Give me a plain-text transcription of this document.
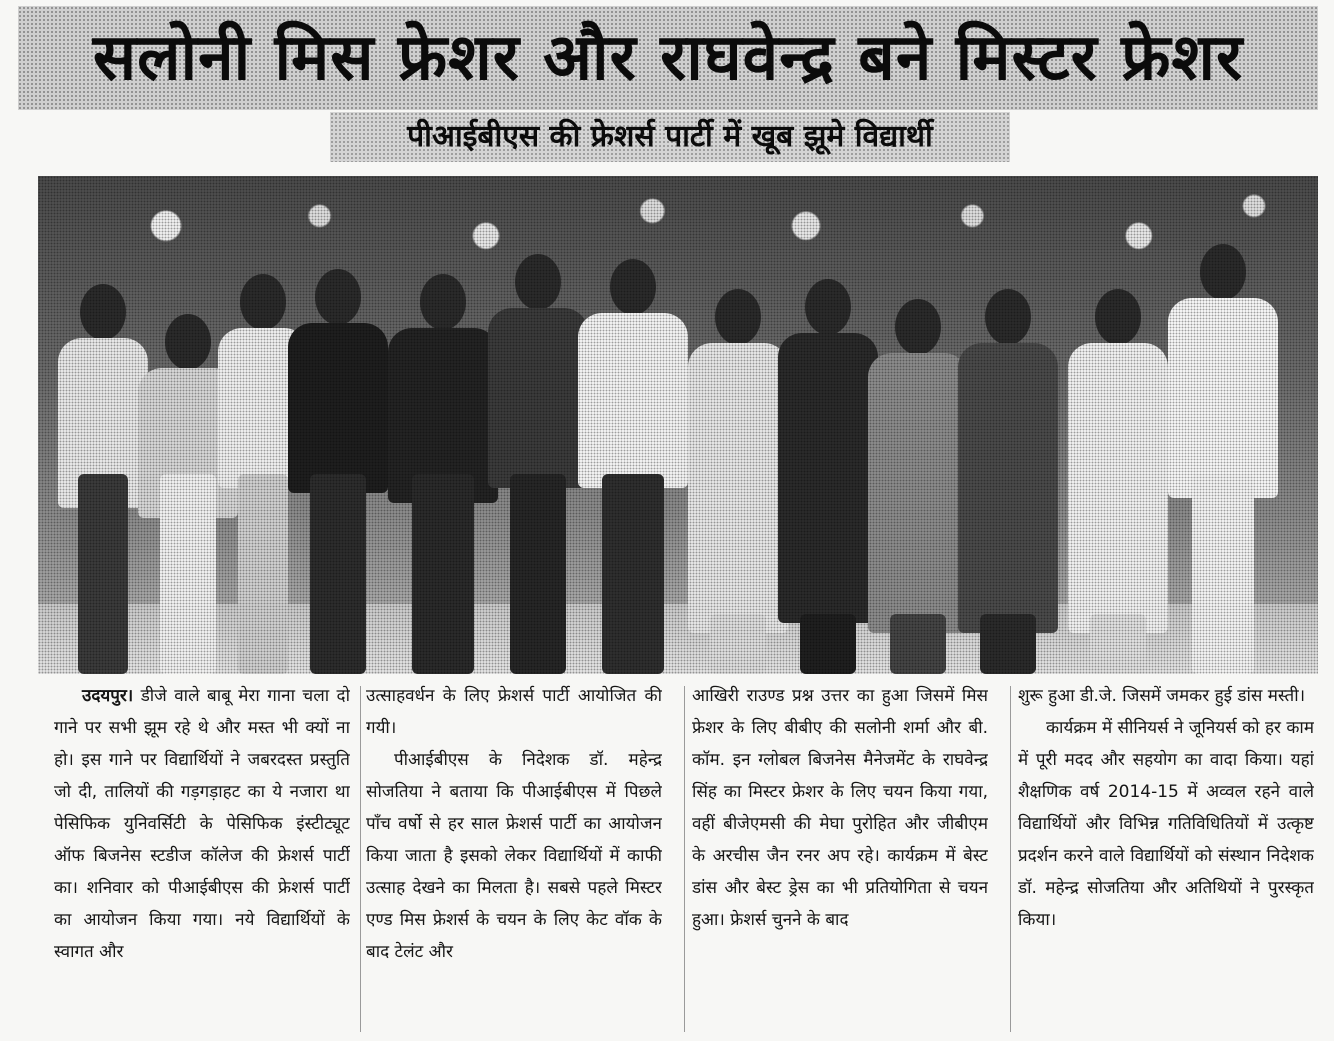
सलोनी मिस फ्रेशर और राघवेन्द्र बने मिस्टर फ्रेशर
पीआईबीएस की फ्रेशर्स पार्टी में खूब झूमे विद्यार्थी

उदयपुर। डीजे वाले बाबू मेरा गाना चला दो गाने पर सभी झूम रहे थे और मस्त भी क्यों ना हो। इस गाने पर विद्यार्थियों ने जबरदस्त प्रस्तुति जो दी, तालियों की गड़गड़ाहट का ये नजारा था पेसिफिक युनिवर्सिटी के पेसिफिक इंस्टीट्यूट ऑफ बिजनेस स्टडीज कॉलेज की फ्रेशर्स पार्टी का। शनिवार को पीआईबीएस की फ्रेशर्स पार्टी का आयोजन किया गया। नये विद्यार्थियों के स्वागत और

उत्साहवर्धन के लिए फ्रेशर्स पार्टी आयोजित की गयी।

पीआईबीएस के निदेशक डॉ. महेन्द्र सोजतिया ने बताया कि पीआईबीएस में पिछले पाँच वर्षो से हर साल फ्रेशर्स पार्टी का आयोजन किया जाता है इसको लेकर विद्यार्थियों में काफी उत्साह देखने का मिलता है। सबसे पहले मिस्टर एण्ड मिस फ्रेशर्स के चयन के लिए केट वॉक के बाद टेलंट और

आखिरी राउण्ड प्रश्न उत्तर का हुआ जिसमें मिस फ्रेशर के लिए बीबीए की सलोनी शर्मा और बी. कॉम. इन ग्लोबल बिजनेस मैनेजमेंट के राघवेन्द्र सिंह का मिस्टर फ्रेशर के लिए चयन किया गया, वहीं बीजेएमसी की मेघा पुरोहित और जीबीएम के अरचीस जैन रनर अप रहे। कार्यक्रम में बेस्ट डांस और बेस्ट ड्रेस का भी प्रतियोगिता से चयन हुआ। फ्रेशर्स चुनने के बाद

शुरू हुआ डी.जे. जिसमें जमकर हुई डांस मस्ती।

कार्यक्रम में सीनियर्स ने जूनियर्स को हर काम में पूरी मदद और सहयोग का वादा किया। यहां शैक्षणिक वर्ष 2014-15 में अव्वल रहने वाले विद्यार्थियों और विभिन्न गतिविधितियों में उत्कृष्ट प्रदर्शन करने वाले विद्यार्थियों को संस्थान निदेशक डॉ. महेन्द्र सोजतिया और अतिथियों ने पुरस्कृत किया।
